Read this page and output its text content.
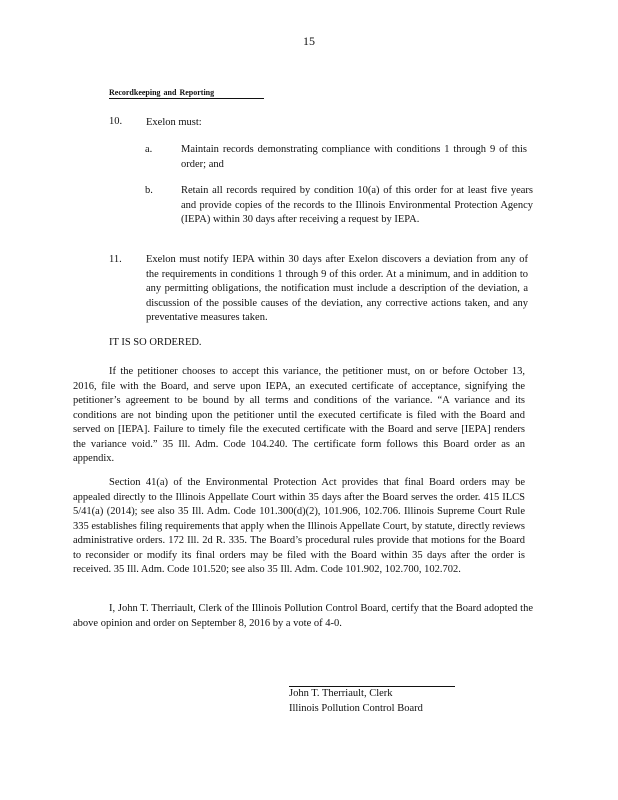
15
Recordkeeping and Reporting
10. Exelon must:
a.	Maintain records demonstrating compliance with conditions 1 through 9 of this order; and
b.	Retain all records required by condition 10(a) of this order for at least five years and provide copies of the records to the Illinois Environmental Protection Agency (IEPA) within 30 days after receiving a request by IEPA.
11. Exelon must notify IEPA within 30 days after Exelon discovers a deviation from any of the requirements in conditions 1 through 9 of this order. At a minimum, and in addition to any permitting obligations, the notification must include a description of the deviation, a discussion of the possible causes of the deviation, any corrective actions taken, and any preventative measures taken.
IT IS SO ORDERED.
If the petitioner chooses to accept this variance, the petitioner must, on or before October 13, 2016, file with the Board, and serve upon IEPA, an executed certificate of acceptance, signifying the petitioner’s agreement to be bound by all terms and conditions of the variance. “A variance and its conditions are not binding upon the petitioner until the executed certificate is filed with the Board and served on [IEPA]. Failure to timely file the executed certificate with the Board and serve [IEPA] renders the variance void.” 35 Ill. Adm. Code 104.240. The certificate form follows this Board order as an appendix.
Section 41(a) of the Environmental Protection Act provides that final Board orders may be appealed directly to the Illinois Appellate Court within 35 days after the Board serves the order. 415 ILCS 5/41(a) (2014); see also 35 Ill. Adm. Code 101.300(d)(2), 101.906, 102.706. Illinois Supreme Court Rule 335 establishes filing requirements that apply when the Illinois Appellate Court, by statute, directly reviews administrative orders. 172 Ill. 2d R. 335. The Board’s procedural rules provide that motions for the Board to reconsider or modify its final orders may be filed with the Board within 35 days after the order is received. 35 Ill. Adm. Code 101.520; see also 35 Ill. Adm. Code 101.902, 102.700, 102.702.
I, John T. Therriault, Clerk of the Illinois Pollution Control Board, certify that the Board adopted the above opinion and order on September 8, 2016 by a vote of 4-0.
John T. Therriault, Clerk
Illinois Pollution Control Board
